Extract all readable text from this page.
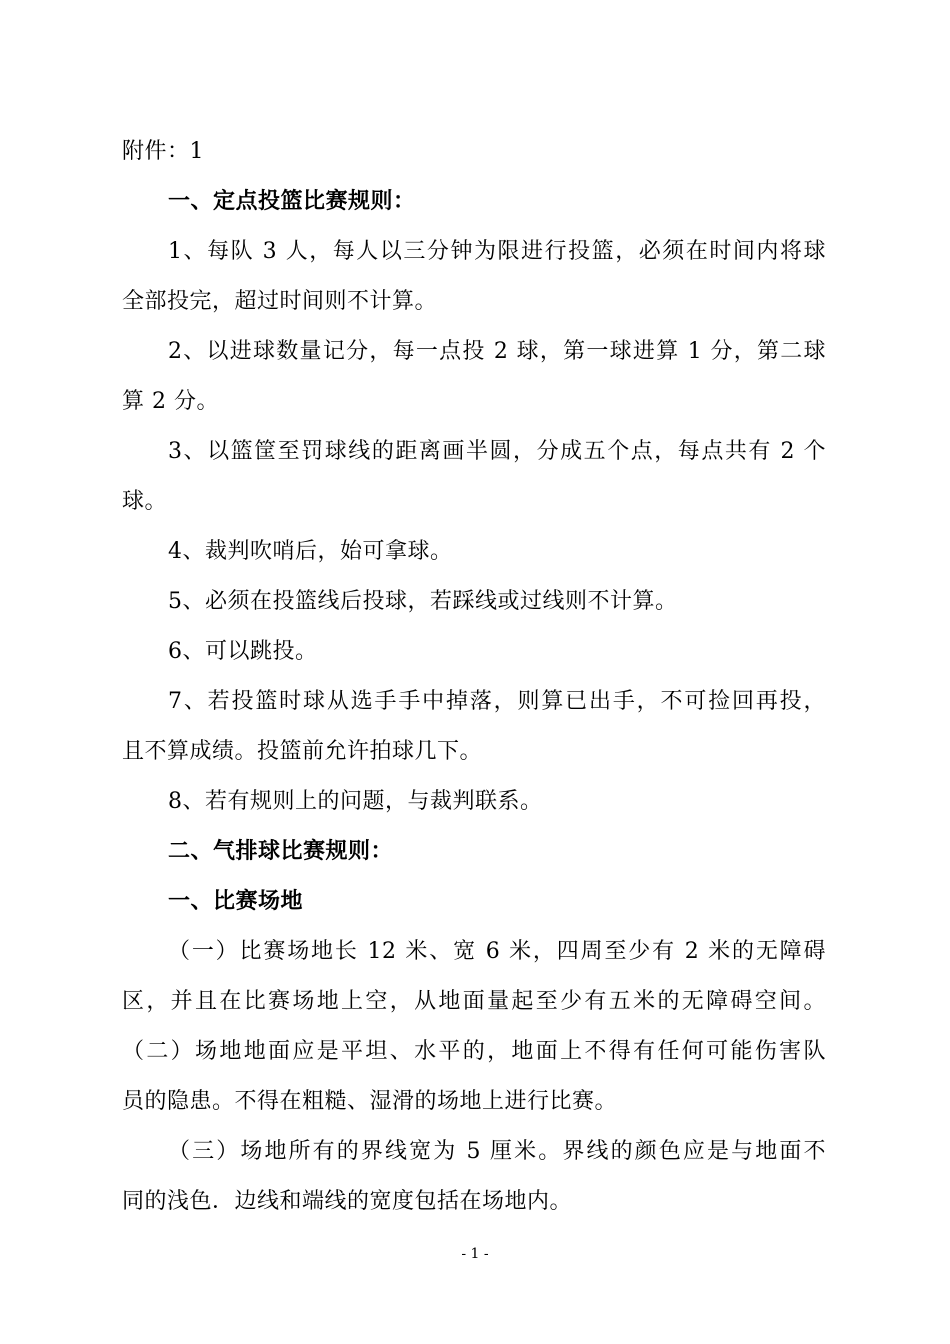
附件：1
一、定点投篮比赛规则：
1、每队 3 人，每人以三分钟为限进行投篮，必须在时间内将球
全部投完，超过时间则不计算。
2、以进球数量记分，每一点投 2 球，第一球进算 1 分，第二球
算 2 分。
3、以篮筐至罚球线的距离画半圆，分成五个点，每点共有 2 个
球。
4、裁判吹哨后，始可拿球。
5、必须在投篮线后投球，若踩线或过线则不计算。
6、可以跳投。
7、若投篮时球从选手手中掉落，则算已出手，不可捡回再投，
且不算成绩。投篮前允许拍球几下。
8、若有规则上的问题，与裁判联系。
二、气排球比赛规则：
一、比赛场地
（一）比赛场地长 12 米、宽 6 米，四周至少有 2 米的无障碍
区，并且在比赛场地上空，从地面量起至少有五米的无障碍空间。
（二）场地地面应是平坦、水平的，地面上不得有任何可能伤害队
员的隐患。不得在粗糙、湿滑的场地上进行比赛。
（三）场地所有的界线宽为 5 厘米。界线的颜色应是与地面不
同的浅色．边线和端线的宽度包括在场地内。
- 1 -
